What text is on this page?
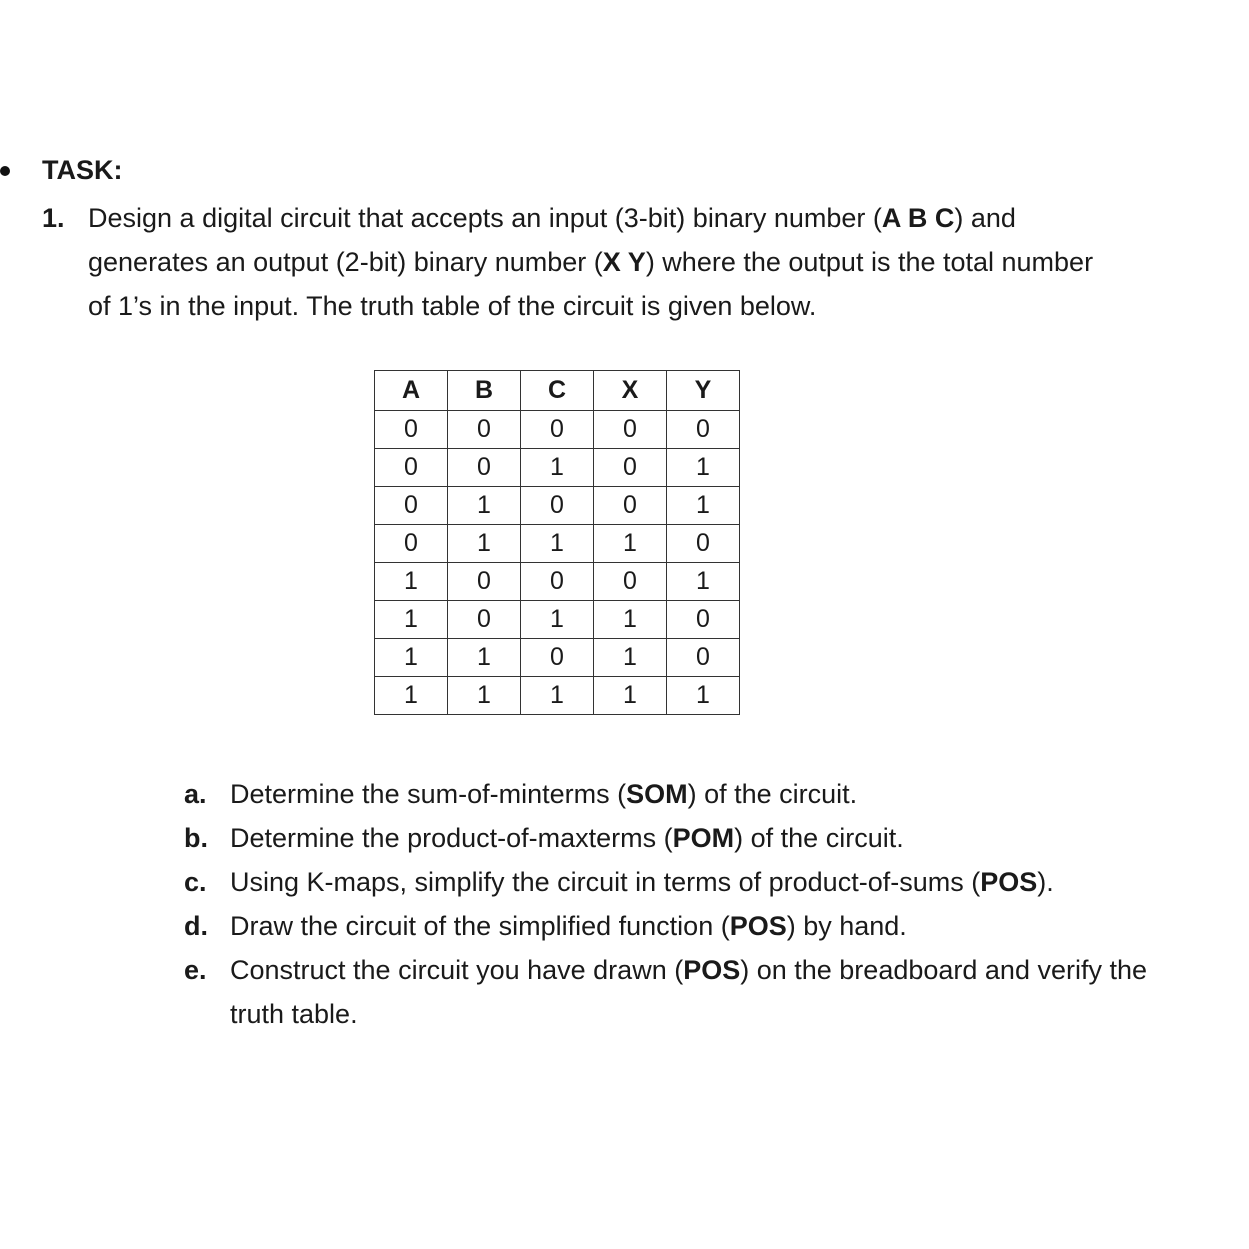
TASK:
1. Design a digital circuit that accepts an input (3-bit) binary number (A B C) and generates an output (2-bit) binary number (X Y) where the output is the total number of 1’s in the input. The truth table of the circuit is given below.
A	B	C	X	Y
0	0	0	0	0
0	0	1	0	1
0	1	0	0	1
0	1	1	1	0
1	0	0	0	1
1	0	1	1	0
1	1	0	1	0
1	1	1	1	1
a. Determine the sum-of-minterms (SOM) of the circuit.
b. Determine the product-of-maxterms (POM) of the circuit.
c. Using K-maps, simplify the circuit in terms of product-of-sums (POS).
d. Draw the circuit of the simplified function (POS) by hand.
e. Construct the circuit you have drawn (POS) on the breadboard and verify the truth table.
